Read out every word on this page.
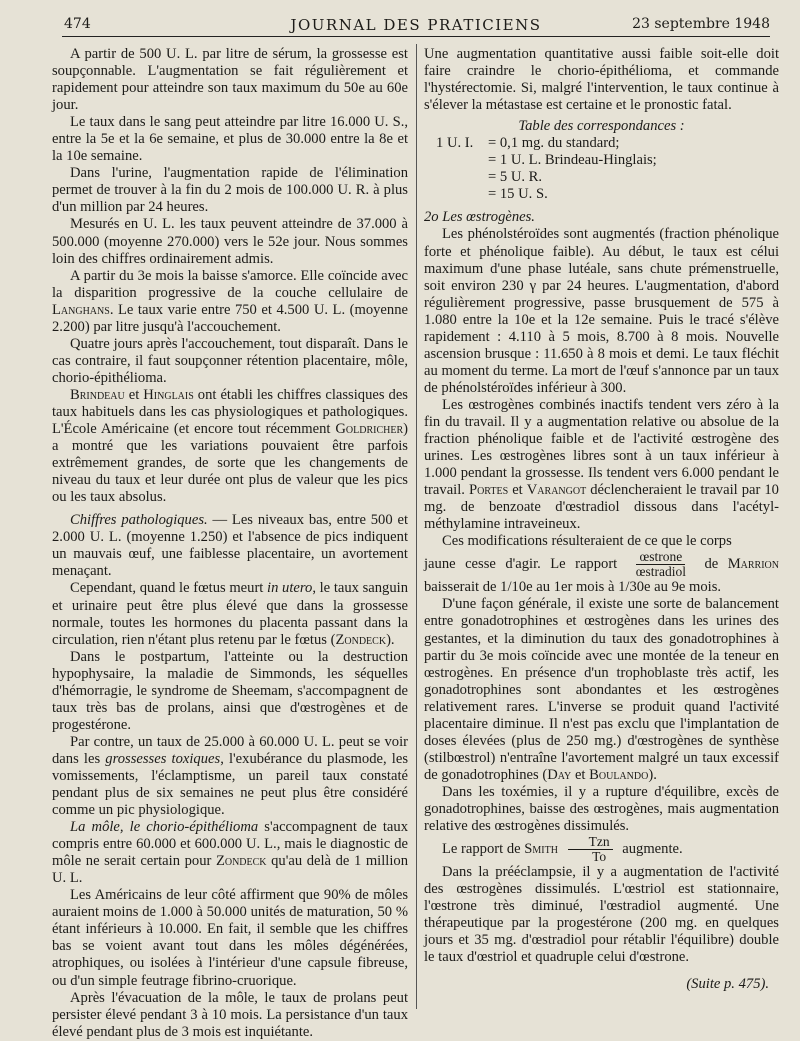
474	JOURNAL DES PRATICIENS	23 septembre 1948

A partir de 500 U. L. par litre de sérum, la grossesse est soupçonnable. L'augmentation se fait régulièrement et rapidement pour atteindre son taux maximum du 50e au 60e jour.

Le taux dans le sang peut atteindre par litre 16.000 U. S., entre la 5e et la 6e semaine, et plus de 30.000 entre la 8e et la 10e semaine.

Dans l'urine, l'augmentation rapide de l'élimination permet de trouver à la fin du 2 mois de 100.000 U. R. à plus d'un million par 24 heures.

Mesurés en U. L. les taux peuvent atteindre de 37.000 à 500.000 (moyenne 270.000) vers le 52e jour. Nous sommes loin des chiffres ordinairement admis.

A partir du 3e mois la baisse s'amorce. Elle coïncide avec la disparition progressive de la couche cellulaire de Langhans. Le taux varie entre 750 et 4.500 U. L. (moyenne 2.200) par litre jusqu'à l'accouchement.

Quatre jours après l'accouchement, tout disparaît. Dans le cas contraire, il faut soupçonner rétention placentaire, môle, chorio-épithélioma.

Brindeau et Hinglais ont établi les chiffres classiques des taux habituels dans les cas physiologiques et pathologiques. L'École Américaine (et encore tout récemment Goldricher) a montré que les variations pouvaient être parfois extrêmement grandes, de sorte que les changements de niveau du taux et leur durée ont plus de valeur que les pics ou les taux absolus.

Chiffres pathologiques. — Les niveaux bas, entre 500 et 2.000 U. L. (moyenne 1.250) et l'absence de pics indiquent un mauvais œuf, une faiblesse placentaire, un avortement menaçant.

Cependant, quand le fœtus meurt in utero, le taux sanguin et urinaire peut être plus élevé que dans la grossesse normale, toutes les hormones du placenta passant dans la circulation, rien n'étant plus retenu par le fœtus (Zondeck).

Dans le postpartum, l'atteinte ou la destruction hypophysaire, la maladie de Simmonds, les séquelles d'hémorragie, le syndrome de Sheemam, s'accompagnent de taux très bas de prolans, ainsi que d'œstrogènes et de progestérone.

Par contre, un taux de 25.000 à 60.000 U. L. peut se voir dans les grossesses toxiques, l'exubérance du plasmode, les vomissements, l'éclamptisme, un pareil taux constaté pendant plus de six semaines ne peut plus être considéré comme un pic physiologique.

La môle, le chorio-épithélioma s'accompagnent de taux compris entre 60.000 et 600.000 U. L., mais le diagnostic de môle ne serait certain pour Zondeck qu'au delà de 1 million U. L.

Les Américains de leur côté affirment que 90% de môles auraient moins de 1.000 à 50.000 unités de maturation, 50 % étant inférieurs à 10.000. En fait, il semble que les chiffres bas se voient avant tout dans les môles dégénérées, atrophiques, ou isolées à l'intérieur d'une capsule fibreuse, ou d'un simple feutrage fibrino-cruorique.

Après l'évacuation de la môle, le taux de prolans peut persister élevé pendant 3 à 10 mois. La persistance d'un taux élevé pendant plus de 3 mois est inquiétante.

Une augmentation quantitative aussi faible soit-elle doit faire craindre le chorio-épithélioma, et commande l'hystérectomie. Si, malgré l'intervention, le taux continue à s'élever la métastase est certaine et le pronostic fatal.

Table des correspondances :
1 U. I.	= 0,1 mg. du standard;
= 1 U. L. Brindeau-Hinglais;
= 5 U. R.
= 15 U. S.

2o Les œstrogènes.

Les phénolstéroïdes sont augmentés (fraction phénolique forte et phénolique faible). Au début, le taux est célui maximum d'une phase lutéale, sans chute prémenstruelle, soit environ 230 γ par 24 heures. L'augmentation, d'abord régulièrement progressive, passe brusquement de 575 à 1.080 entre la 10e et la 12e semaine. Puis le tracé s'élève rapidement : 4.110 à 5 mois, 8.700 à 8 mois. Nouvelle ascension brusque : 11.650 à 8 mois et demi. Le taux fléchit au moment du terme. La mort de l'œuf s'annonce par un taux de phénolstéroïdes inférieur à 300.

Les œstrogènes combinés inactifs tendent vers zéro à la fin du travail. Il y a augmentation relative ou absolue de la fraction phénolique faible et de l'activité œstrogène des urines. Les œstrogènes libres sont à un taux inférieur à 1.000 pendant la grossesse. Ils tendent vers 6.000 pendant le travail. Portes et Varangot déclencheraient le travail par 10 mg. de benzoate d'œstradiol dissous dans l'acétyl-méthylamine intraveineux.

Ces modifications résulteraient de ce que le corps

jaune cesse d'agir. Le rapport $\frac{\text{œstrone}}{\text{œstradiol}}$ de Marrion baisserait de 1/10e au 1er mois à 1/30e au 9e mois.

D'une façon générale, il existe une sorte de balancement entre gonadotrophines et œstrogènes dans les urines des gestantes, et la diminution du taux des gonadotrophines à partir du 3e mois coïncide avec une montée de la teneur en œstrogènes. En présence d'un trophoblaste très actif, les gonadotrophines sont abondantes et les œstrogènes relativement rares. L'inverse se produit quand l'activité placentaire diminue. Il n'est pas exclu que l'implantation de doses élevées (plus de 250 mg.) d'œstrogènes de synthèse (stilbœstrol) n'entraîne l'avortement malgré un taux excessif de gonadotrophines (Day et Boulando).

Dans les toxémies, il y a rupture d'équilibre, excès de gonadotrophines, baisse des œstrogènes, mais augmentation relative des œstrogènes dissimulés.

Le rapport de Smith $\frac{\text{Tzn}}{To}$ augmente.

Dans la prééclampsie, il y a augmentation de l'activité des œstrogènes dissimulés. L'œstriol est stationnaire, l'œstrone très diminué, l'œstradiol augmenté. Une thérapeutique par la progestérone (200 mg. en quelques jours et 35 mg. d'œstradiol pour rétablir l'équilibre) double le taux d'œstriol et quadruple celui d'œstrone.

(Suite p. 475).
